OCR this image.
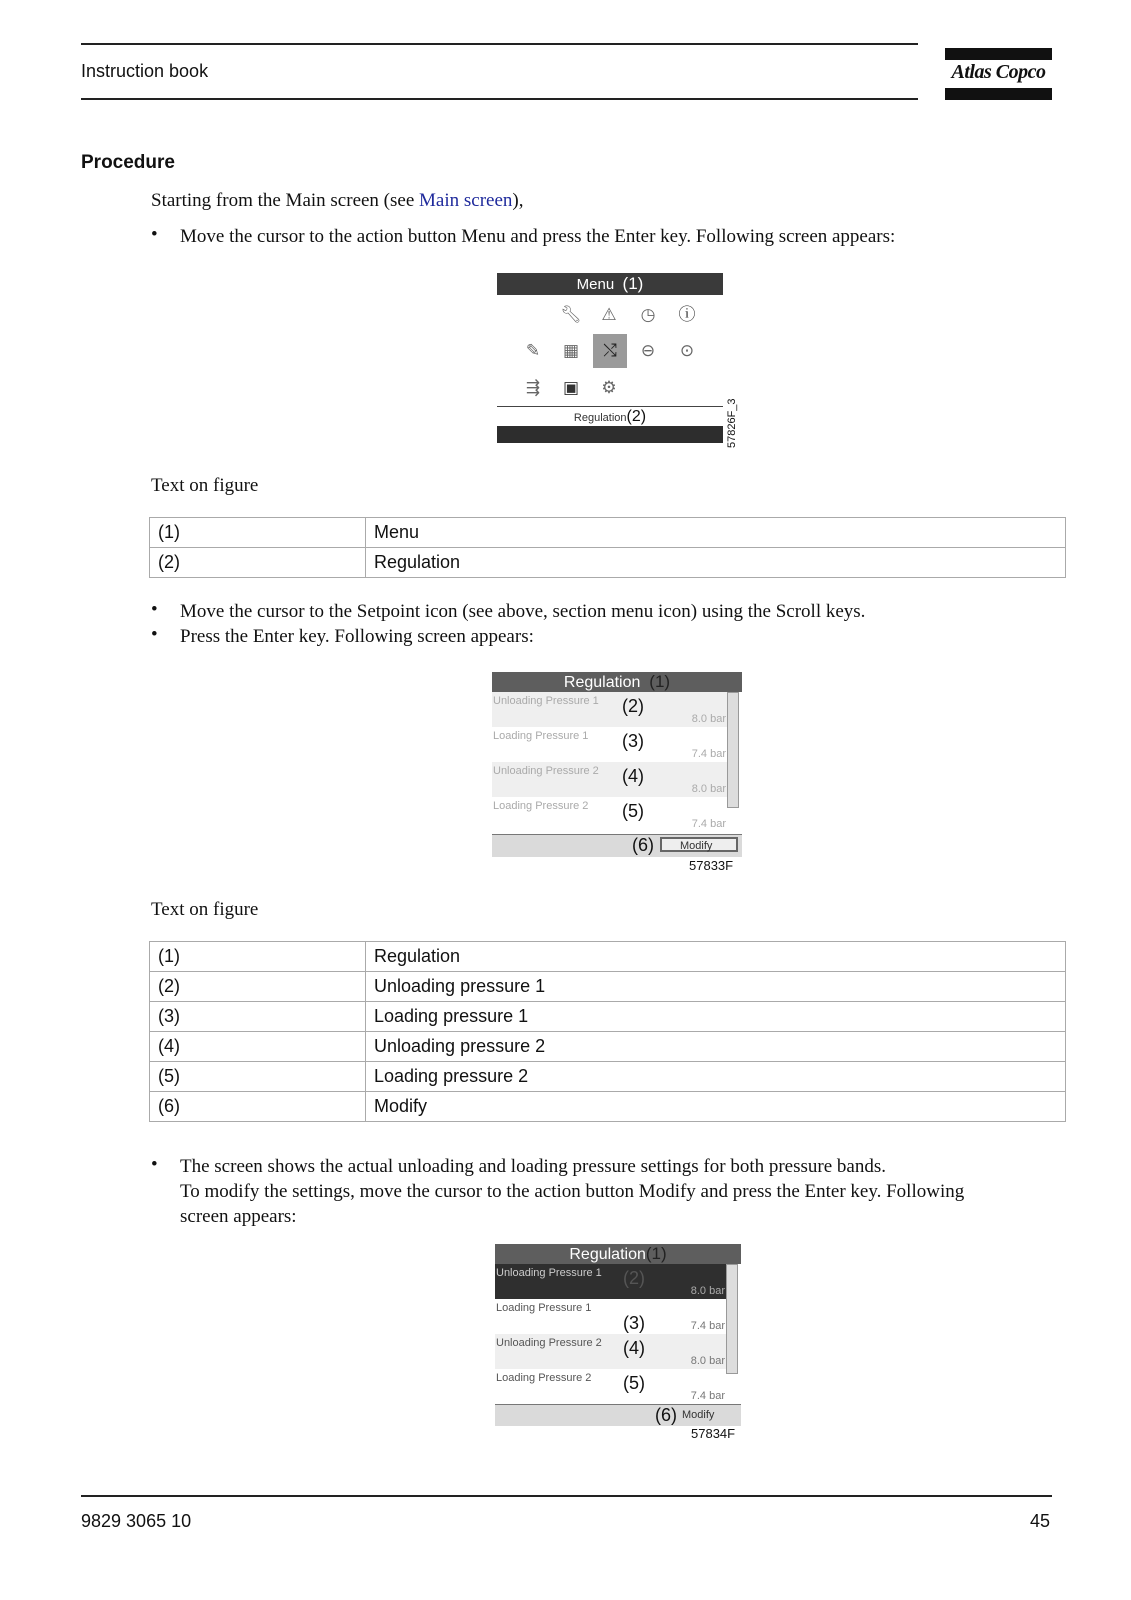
Instruction book	Atlas Copco
Procedure
Starting from the Main screen (see Main screen),
• Move the cursor to the action button Menu and press the Enter key. Following screen appears:
Menu (1)
🔧︎ ⚠ ◷ ⓘ
✎ ▦	⤭	⊖ ⊙
⇶ ▣ ⚙
Regulation(2)	57826F_3
Text on figure
(1)	Menu
(2)	Regulation
• Move the cursor to the Setpoint icon (see above, section menu icon) using the Scroll keys.
• Press the Enter key. Following screen appears:
Regulation (1)
Unloading Pressure 1 (2)
8.0 bar
Loading Pressure 1 (3)
7.4 bar
Unloading Pressure 2 (4)
8.0 bar
Loading Pressure 2 (5)
7.4 bar
(6)	Modify
57833F
Text on figure
(1)	Regulation
(2)	Unloading pressure 1
(3)	Loading pressure 1
(4)	Unloading pressure 2
(5)	Loading pressure 2
(6)	Modify
• The screen shows the actual unloading and loading pressure settings for both pressure bands.
To modify the settings, move the cursor to the action button Modify and press the Enter key. Following
screen appears:
Regulation(1)
Unloading Pressure 1 (2)
8.0 bar
Loading Pressure 1
(3)	7.4 bar
Unloading Pressure 2 (4)
8.0 bar
Loading Pressure 2 (5)
7.4 bar
(6) Modify
57834F
9829 3065 10	45
